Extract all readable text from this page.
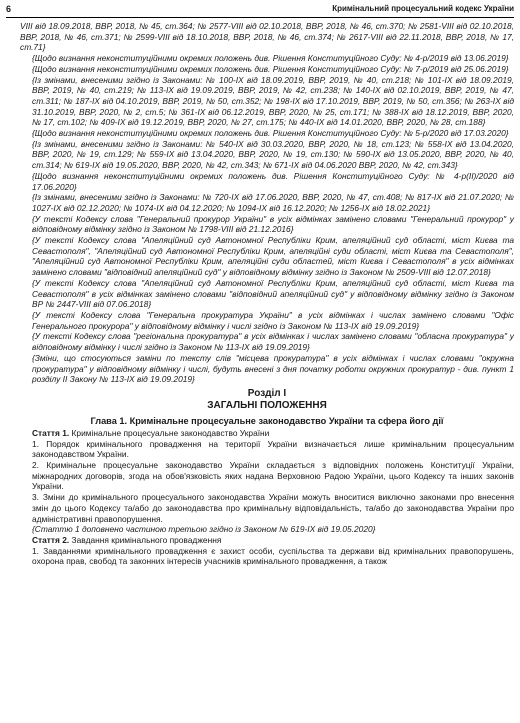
6	Кримінальний процесуальний кодекс України

VIII від 18.09.2018, ВВР, 2018, № 45, ст.364; № 2577-VIII від 02.10.2018, ВВР, 2018, № 46, ст.370; № 2581-VIII від 02.10.2018, ВВР, 2018, № 46, ст.371; № 2599-VIII від 18.10.2018, ВВР, 2018, № 46, ст.374; № 2617-VIII від 22.11.2018, ВВР, 2018, № 17, ст.71}

{Щодо визнання неконституційними окремих положень див. Рішення Конституційного Суду: № 4-р/2019 від 13.06.2019}

{Щодо визнання неконституційними окремих положень див. Рішення Конституційного Суду: № 7-р/2019 від 25.06.2019}

{Із змінами, внесеними згідно із Законами: № 100-IX від 18.09.2019, ВВР, 2019, № 40, ст.218; № 101-IX від 18.09.2019, ВВР, 2019, № 40, ст.219; № 113-IX від 19.09.2019, ВВР, 2019, № 42, ст.238; № 140-IX від 02.10.2019, ВВР, 2019, № 47, ст.311; № 187-IX від 04.10.2019, ВВР, 2019, № 50, ст.352; № 198-IX від 17.10.2019, ВВР, 2019, № 50, ст.356; № 263-IX від 31.10.2019, ВВР, 2020, № 2, ст.5; № 361-IX від 06.12.2019, ВВР, 2020, № 25, ст.171; № 388-IX від 18.12.2019, ВВР, 2020, № 17, ст.102; № 409-IX від 19.12.2019, ВВР, 2020, № 27, ст.175; № 440-IX від 14.01.2020, ВВР, 2020, № 28, ст.188}

{Щодо визнання неконституційними окремих положень див. Рішення Конституційного Суду: № 5-р/2020 від 17.03.2020}

{Із змінами, внесеними згідно із Законами: № 540-IX від 30.03.2020, ВВР, 2020, № 18, ст.123; № 558-IX від 13.04.2020, ВВР, 2020, № 19, ст.129; № 559-IX від 13.04.2020, ВВР, 2020, № 19, ст.130; № 590-IX від 13.05.2020, ВВР, 2020, № 40, ст.314; № 619-IX від 19.05.2020, ВВР, 2020, № 42, ст.343; № 671-IX від 04.06.2020 ВВР, 2020, № 42, ст.343}

{Щодо визнання неконституційними окремих положень див. Рішення Конституційного Суду: № 4-р(II)/2020 від 17.06.2020}

{Із змінами, внесеними згідно із Законами: № 720-IX від 17.06.2020, ВВР, 2020, № 47, ст.408; № 817-IX від 21.07.2020; № 1027-IX від 02.12.2020; № 1074-IX від 04.12.2020; № 1094-IX від 16.12.2020; № 1256-IX від 18.02.2021}

{У тексті Кодексу слова "Генеральний прокурор України" в усіх відмінках замінено словами "Генеральний прокурор" у відповідному відмінку згідно із Законом № 1798-VIII від 21.12.2016}

{У тексті Кодексу слова "Апеляційний суд Автономної Республіки Крим, апеляційний суд області, міст Києва та Севастополя", "Апеляційний суд Автономної Республіки Крим, апеляційні суди області, міст Києва та Севастополя", "Апеляційний суд Автономної Республіки Крим, апеляційні суди областей, міст Києва і Севастополя" в усіх відмінках замінено словами "відповідний апеляційний суд" у відповідному відмінку згідно із Законом № 2509-VIII від 12.07.2018}

{У тексті Кодексу слова "Апеляційний суд Автономної Республіки Крим, апеляційний суд області, міст Києва та Севастополя" в усіх відмінках замінено словами "відповідний апеляційний суд" у відповідному відмінку згідно із Законом ВР № 2447-VIII від 07.06.2018}

{У тексті Кодексу слова "Генеральна прокуратура України" в усіх відмінках і числах замінено словами "Офіс Генерального прокурора" у відповідному відмінку і числі згідно із Законом № 113-IX від 19.09.2019}

{У тексті Кодексу слова "регіональна прокуратура" в усіх відмінках і числах замінено словами "обласна прокуратура" у відповідному відмінку і числі згідно із Законом № 113-IX від 19.09.2019}

{Зміни, що стосуються заміни по тексту слів "місцева прокуратура" в усіх відмінках і числах словами "окружна прокуратура" у відповідному відмінку і числі, будуть внесені з дня початку роботи окружних прокуратур - див. пункт 1 розділу II Закону № 113-IX від 19.09.2019}

Розділ I

ЗАГАЛЬНІ ПОЛОЖЕННЯ

Глава 1. Кримінальне процесуальне законодавство України та сфера його дії

Стаття 1. Кримінальне процесуальне законодавство України

1. Порядок кримінального провадження на території України визначається лише кримінальним процесуальним законодавством України.

2. Кримінальне процесуальне законодавство України складається з відповідних положень Конституції України, міжнародних договорів, згода на обов'язковість яких надана Верховною Радою України, цього Кодексу та інших законів України.

3. Зміни до кримінального процесуального законодавства України можуть вноситися виключно законами про внесення змін до цього Кодексу та/або до законодавства про кримінальну відповідальність, та/або до законодавства України про адміністративні правопорушення.

{Статтю 1 доповнено частиною третьою згідно із Законом № 619-IX від 19.05.2020}

Стаття 2. Завдання кримінального провадження

1. Завданнями кримінального провадження є захист особи, суспільства та держави від кримінальних правопорушень, охорона прав, свобод та законних інтересів учасників кримінального провадження, а також
